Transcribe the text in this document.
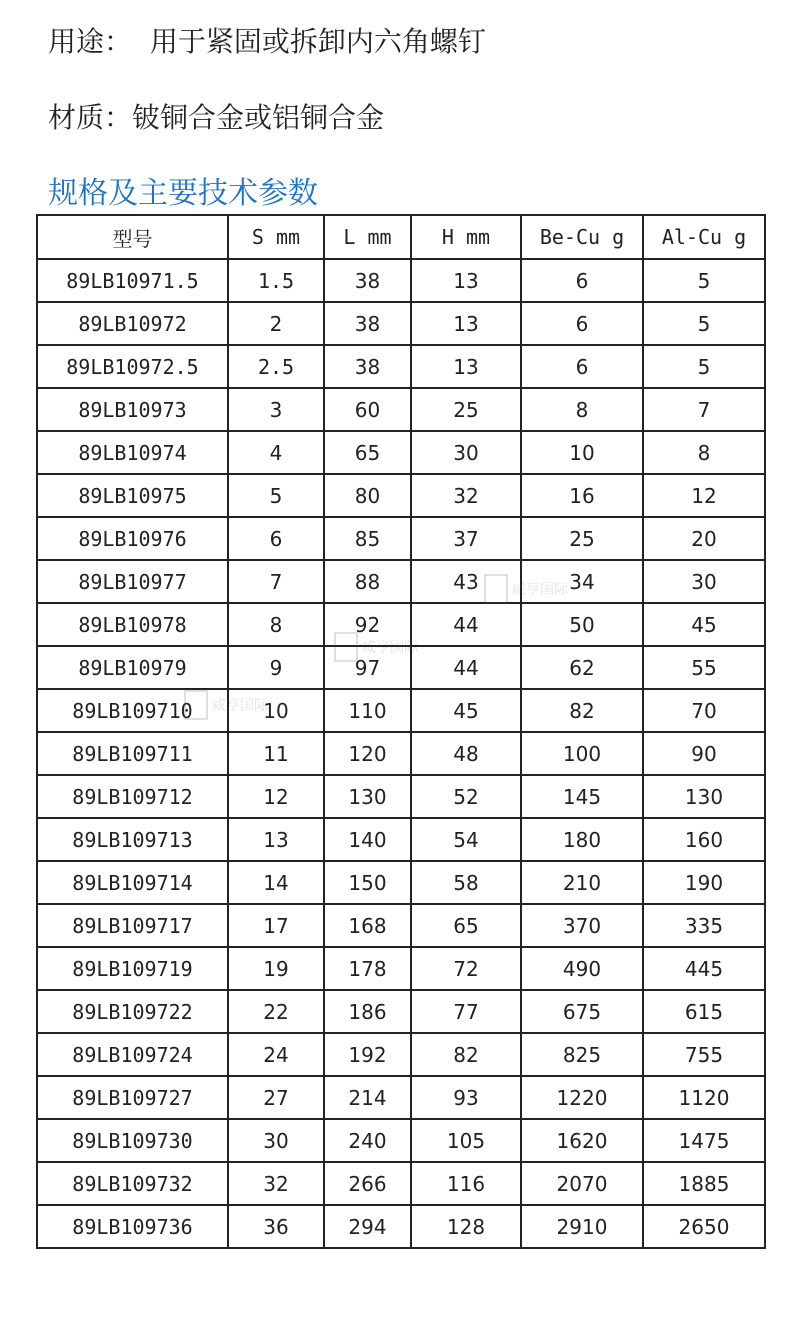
用途： 用于紧固或拆卸内六角螺钉
材质：铍铜合金或铝铜合金
规格及主要技术参数
型号	S mm	L mm	H mm	Be-Cu g	Al-Cu g
89LB10971.5	1.5	38	13	6	5
89LB10972	2	38	13	6	5
89LB10972.5	2.5	38	13	6	5
89LB10973	3	60	25	8	7
89LB10974	4	65	30	10	8
89LB10975	5	80	32	16	12
89LB10976	6	85	37	25	20
89LB10977	7	88	43	34	30
89LB10978	8	92	44	50	45
89LB10979	9	97	44	62	55
89LB109710	10	110	45	82	70
89LB109711	11	120	48	100	90
89LB109712	12	130	52	145	130
89LB109713	13	140	54	180	160
89LB109714	14	150	58	210	190
89LB109717	17	168	65	370	335
89LB109719	19	178	72	490	445
89LB109722	22	186	77	675	615
89LB109724	24	192	82	825	755
89LB109727	27	214	93	1220	1120
89LB109730	30	240	105	1620	1475
89LB109732	32	266	116	2070	1885
89LB109736	36	294	128	2910	2650
咸亨国际
咸亨国际
咸亨国际
